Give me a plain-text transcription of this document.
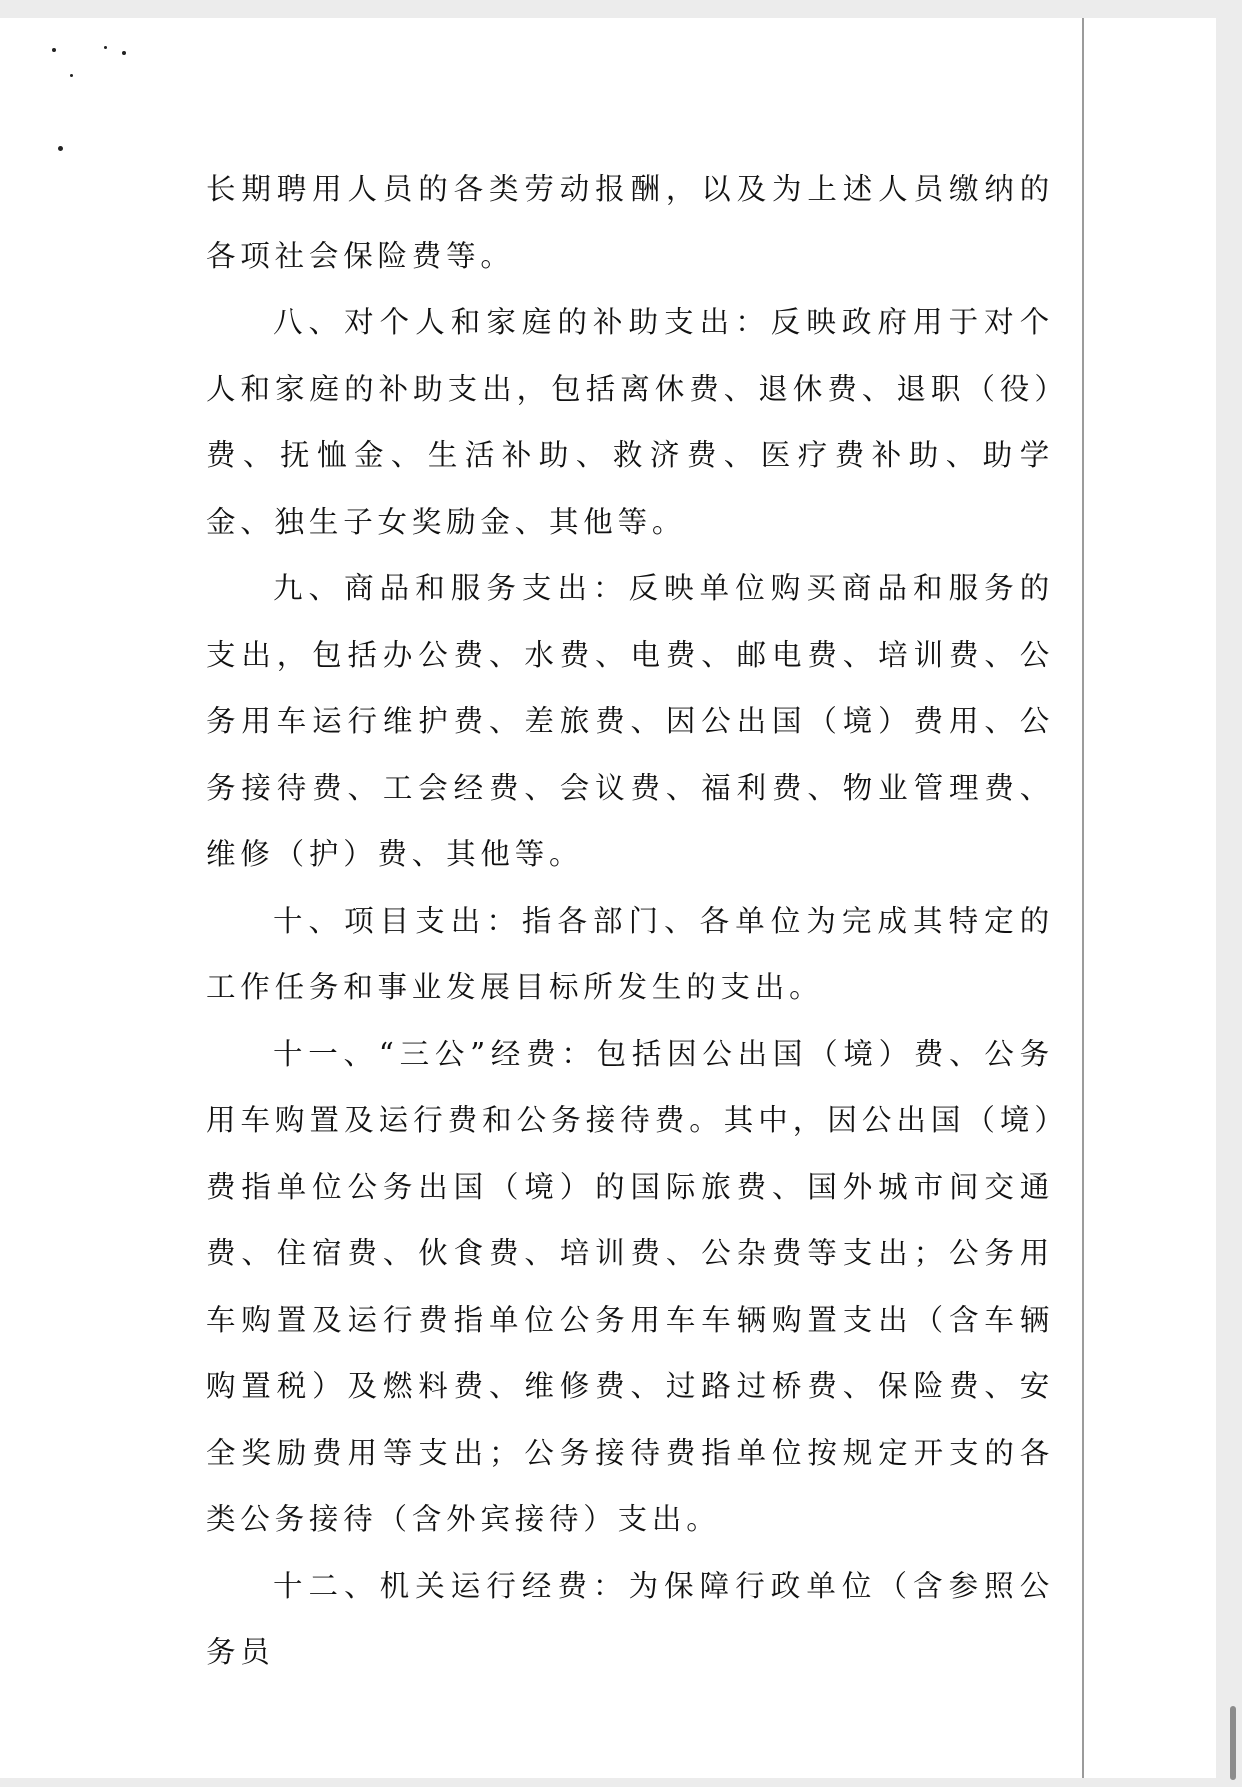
长期聘用人员的各类劳动报酬，以及为上述人员缴纳的各项社会保险费等。

八、对个人和家庭的补助支出：反映政府用于对个人和家庭的补助支出，包括离休费、退休费、退职（役）费、抚恤金、生活补助、救济费、医疗费补助、助学金、独生子女奖励金、其他等。

九、商品和服务支出：反映单位购买商品和服务的支出，包括办公费、水费、电费、邮电费、培训费、公务用车运行维护费、差旅费、因公出国（境）费用、公务接待费、工会经费、会议费、福利费、物业管理费、维修（护）费、其他等。

十、项目支出：指各部门、各单位为完成其特定的工作任务和事业发展目标所发生的支出。

十一、“三公”经费：包括因公出国（境）费、公务用车购置及运行费和公务接待费。其中，因公出国（境）费指单位公务出国（境）的国际旅费、国外城市间交通费、住宿费、伙食费、培训费、公杂费等支出；公务用车购置及运行费指单位公务用车车辆购置支出（含车辆购置税）及燃料费、维修费、过路过桥费、保险费、安全奖励费用等支出；公务接待费指单位按规定开支的各类公务接待（含外宾接待）支出。

十二、机关运行经费：为保障行政单位（含参照公务员
